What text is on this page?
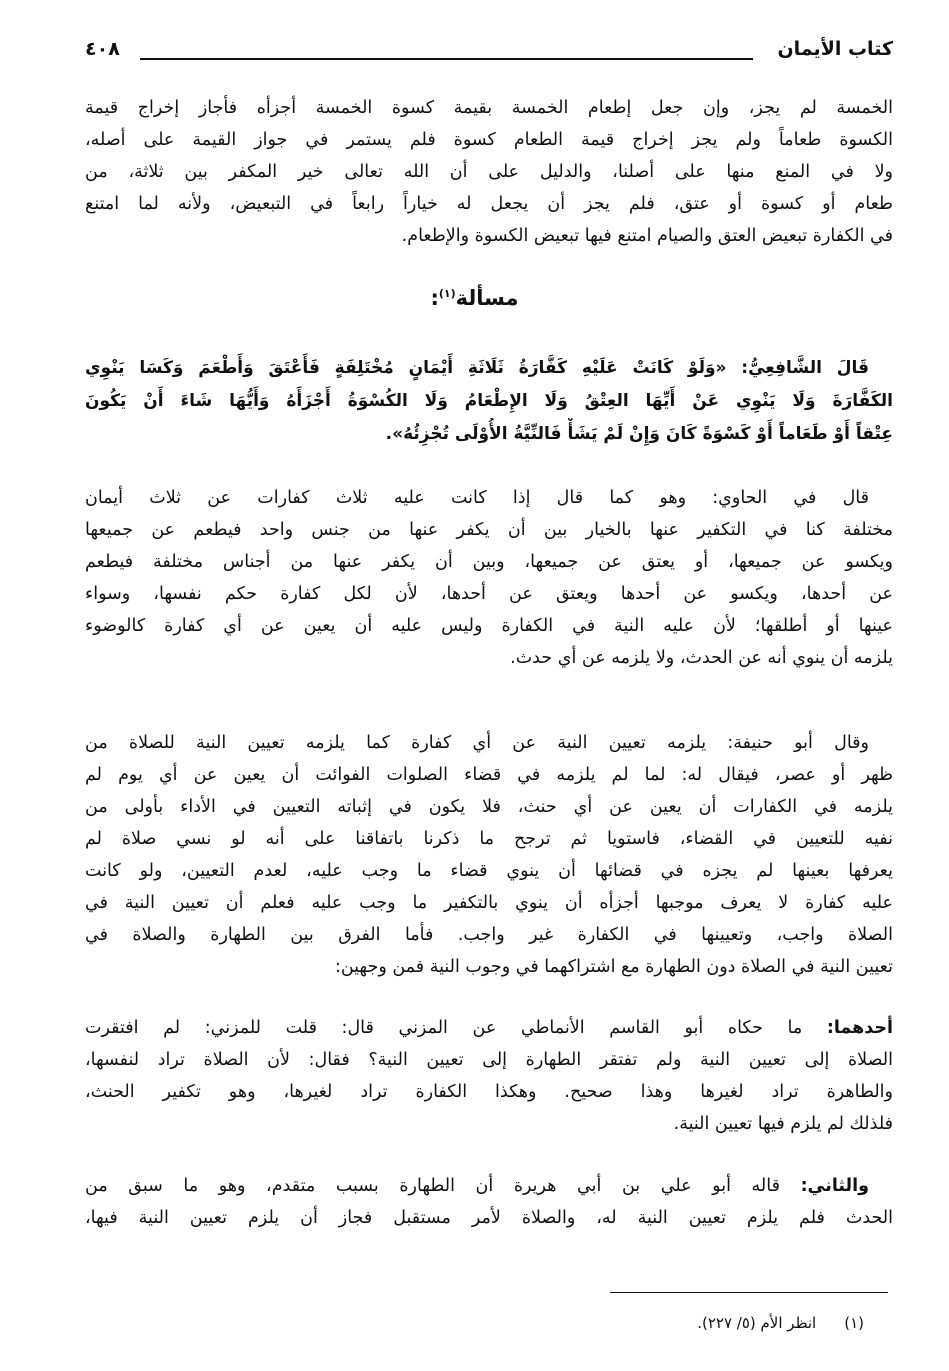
كتاب الأيمان
٤٠٨
الخمسة لم يجز، وإن جعل إطعام الخمسة بقيمة كسوة الخمسة أجزأه فأجاز إخراج قيمة
الكسوة طعاماً ولم يجز إخراج قيمة الطعام كسوة فلم يستمر في جواز القيمة على أصله،
ولا في المنع منها على أصلنا، والدليل على أن الله تعالى خير المكفر بين ثلاثة، من
طعام أو كسوة أو عتق، فلم يجز أن يجعل له خياراً رابعاً في التبعيض، ولأنه لما امتنع
في الكفارة تبعيض العتق والصيام امتنع فيها تبعيض الكسوة والإطعام.
مسألة$^{(١)}$:
قَالَ الشَّافِعِيُّ: «وَلَوْ كَانَتْ عَلَيْهِ كَفَّارَةُ ثَلَاثَةِ أَيْمَانٍ مُخْتَلِفَةٍ فَأَعْتَقَ وَأَطْعَمَ وَكَسَا يَنْوِي
الكَفَّارَةَ وَلَا يَنْوِي عَنْ أَيِّهَا العِتْقُ وَلَا الإِطْعَامُ وَلَا الكُسْوَةُ أَجْزَأَهُ وَأَيُّهَا شَاءَ أَنْ يَكُونَ
عِتْقاً أَوْ طَعَاماً أَوْ كَسْوَةً كَانَ وَإِنْ لَمْ يَشَأْ فَالنِّيَّةُ الأُوْلَى تُجْزِئُهُ».
قال في الحاوي: وهو كما قال إذا كانت عليه ثلاث كفارات عن ثلاث أيمان
مختلفة كنا في التكفير عنها بالخيار بين أن يكفر عنها من جنس واحد فيطعم عن جميعها
ويكسو عن جميعها، أو يعتق عن جميعها، وبين أن يكفر عنها من أجناس مختلفة فيطعم
عن أحدها، ويكسو عن أحدها ويعتق عن أحدها، لأن لكل كفارة حكم نفسها، وسواء
عينها أو أطلقها؛ لأن عليه النية في الكفارة وليس عليه أن يعين عن أي كفارة كالوضوء
يلزمه أن ينوي أنه عن الحدث، ولا يلزمه عن أي حدث.
وقال أبو حنيفة: يلزمه تعيين النية عن أي كفارة كما يلزمه تعيين النية للصلاة من
ظهر أو عصر، فيقال له: لما لم يلزمه في قضاء الصلوات الفوائت أن يعين عن أي يوم لم
يلزمه في الكفارات أن يعين عن أي حنث، فلا يكون في إثباته التعيين في الأداء بأولى من
نفيه للتعيين في القضاء، فاستويا ثم ترجح ما ذكرنا باتفاقنا على أنه لو نسي صلاة لم
يعرفها بعينها لم يجزه في قضائها أن ينوي قضاء ما وجب عليه، لعدم التعيين، ولو كانت
عليه كفارة لا يعرف موجبها أجزأه أن ينوي بالتكفير ما وجب عليه فعلم أن تعيين النية في
الصلاة واجب، وتعيينها في الكفارة غير واجب. فأما الفرق بين الطهارة والصلاة في
تعيين النية في الصلاة دون الطهارة مع اشتراكهما في وجوب النية فمن وجهين:
أحدهما: ما حكاه أبو القاسم الأنماطي عن المزني قال: قلت للمزني: لم افتقرت
الصلاة إلى تعيين النية ولم تفتقر الطهارة إلى تعيين النية؟ فقال: لأن الصلاة تراد لنفسها،
والطاهرة تراد لغيرها وهذا صحيح. وهكذا الكفارة تراد لغيرها، وهو تكفير الحنث،
فلذلك لم يلزم فيها تعيين النية.
والثاني: قاله أبو علي بن أبي هريرة أن الطهارة بسبب متقدم، وهو ما سبق من
الحدث فلم يلزم تعيين النية له، والصلاة لأمر مستقبل فجاز أن يلزم تعيين النية فيها،
(١)انظر الأم (٥/ ٢٢٧).
